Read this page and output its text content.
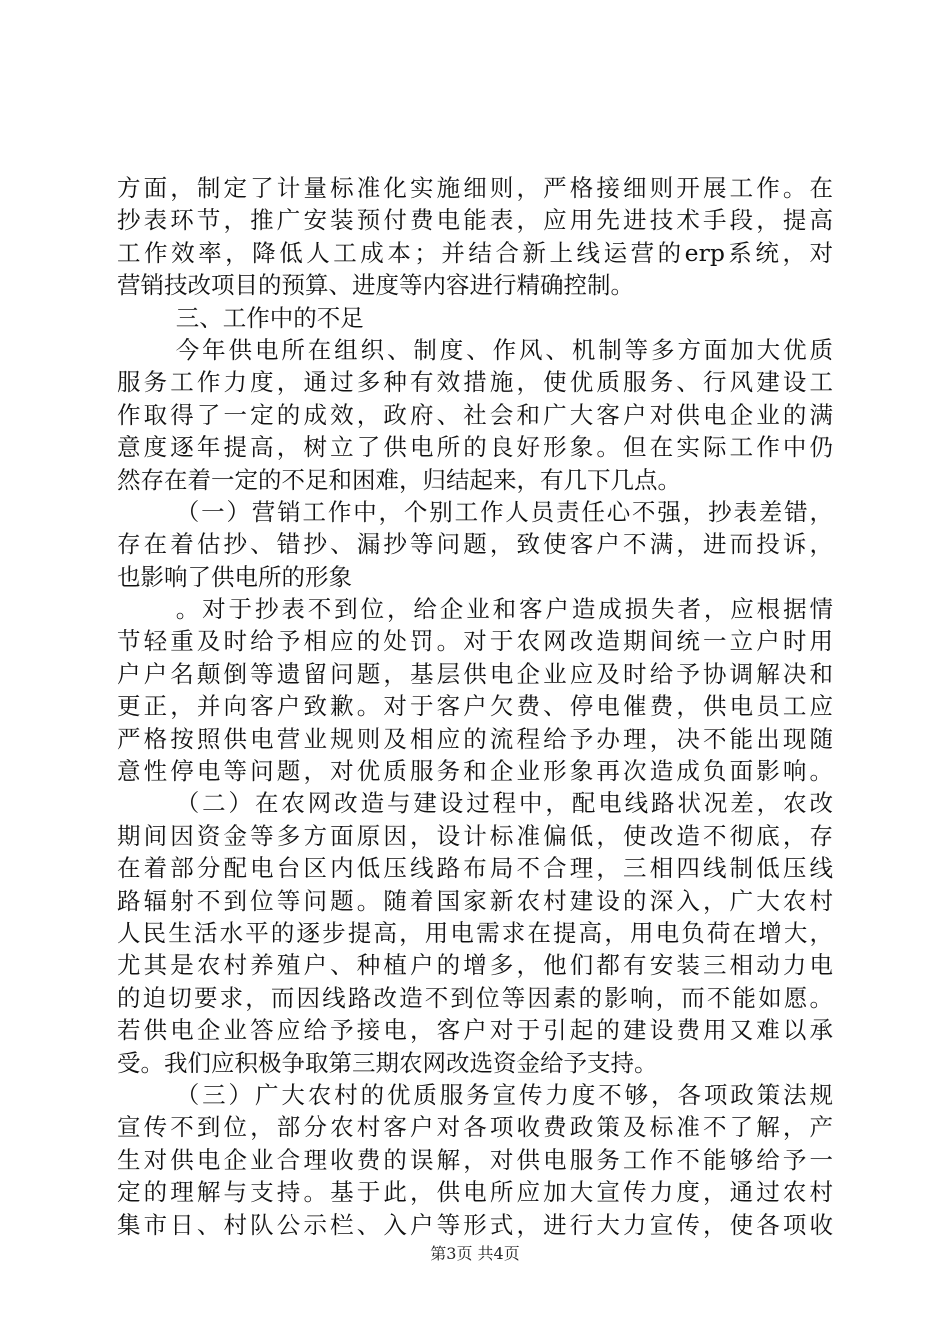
方面，制定了计量标准化实施细则，严格接细则开展工作。在
抄表环节，推广安装预付费电能表，应用先进技术手段，提高
工作效率，降低人工成本；并结合新上线运营的erp系统，对
营销技改项目的预算、进度等内容进行精确控制。
三、工作中的不足
今年供电所在组织、制度、作风、机制等多方面加大优质
服务工作力度，通过多种有效措施，使优质服务、行风建设工
作取得了一定的成效，政府、社会和广大客户对供电企业的满
意度逐年提高，树立了供电所的良好形象。但在实际工作中仍
然存在着一定的不足和困难，归结起来，有几下几点。
（一）营销工作中，个别工作人员责任心不强，抄表差错，
存在着估抄、错抄、漏抄等问题，致使客户不满，进而投诉，
也影响了供电所的形象
。对于抄表不到位，给企业和客户造成损失者，应根据情
节轻重及时给予相应的处罚。对于农网改造期间统一立户时用
户户名颠倒等遗留问题，基层供电企业应及时给予协调解决和
更正，并向客户致歉。对于客户欠费、停电催费，供电员工应
严格按照供电营业规则及相应的流程给予办理，决不能出现随
意性停电等问题，对优质服务和企业形象再次造成负面影响。
（二）在农网改造与建设过程中，配电线路状况差，农改
期间因资金等多方面原因，设计标准偏低，使改造不彻底，存
在着部分配电台区内低压线路布局不合理，三相四线制低压线
路辐射不到位等问题。随着国家新农村建设的深入，广大农村
人民生活水平的逐步提高，用电需求在提高，用电负荷在增大，
尤其是农村养殖户、种植户的增多，他们都有安装三相动力电
的迫切要求，而因线路改造不到位等因素的影响，而不能如愿。
若供电企业答应给予接电，客户对于引起的建设费用又难以承
受。我们应积极争取第三期农网改选资金给予支持。
（三）广大农村的优质服务宣传力度不够，各项政策法规
宣传不到位，部分农村客户对各项收费政策及标准不了解，产
生对供电企业合理收费的误解，对供电服务工作不能够给予一
定的理解与支持。基于此，供电所应加大宣传力度，通过农村
集市日、村队公示栏、入户等形式，进行大力宣传，使各项收
第3页 共4页
